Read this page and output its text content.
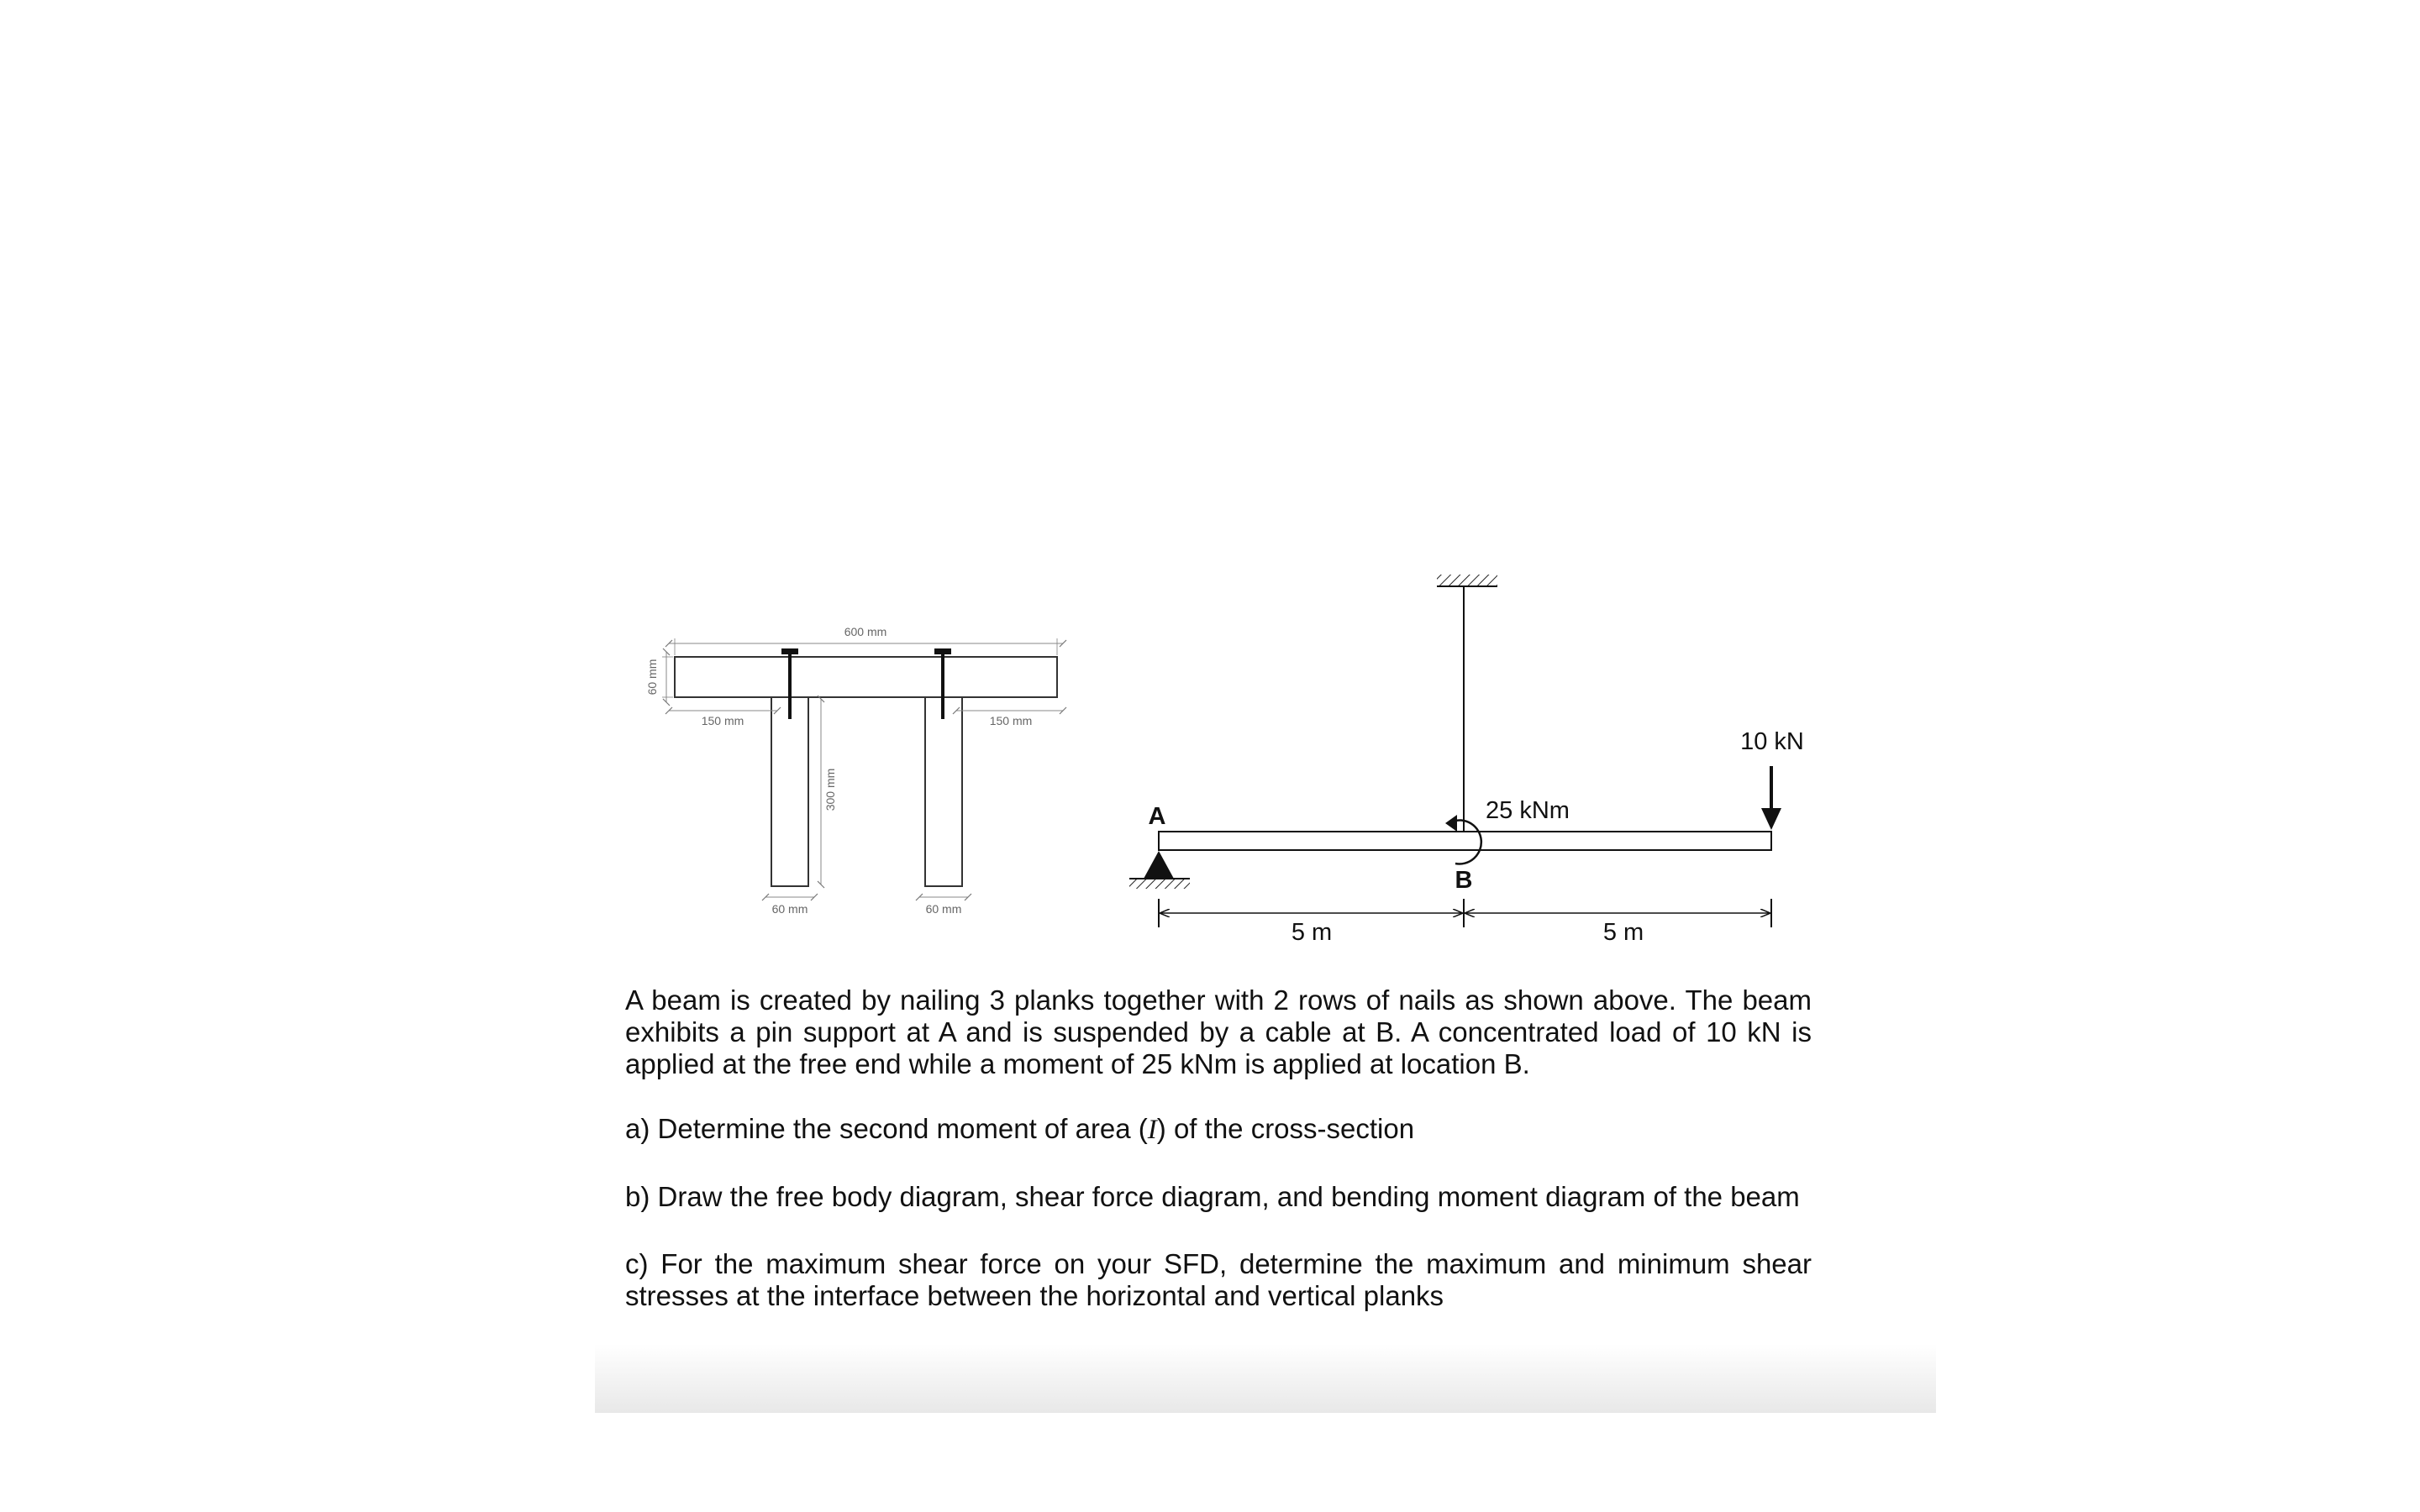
600 mm
60 mm
150 mm	150 mm
300 mm
60 mm	60 mm
A
B
25 kNm
10 kN
5 m	5 m

A beam is created by nailing 3 planks together with 2 rows of nails as shown above. The beam exhibits a pin support at A and is suspended by a cable at B. A concentrated load of 10 kN is applied at the free end while a moment of 25 kNm is applied at location B.

a) Determine the second moment of area (I) of the cross-section

b) Draw the free body diagram, shear force diagram, and bending moment diagram of the beam

c) For the maximum shear force on your SFD, determine the maximum and minimum shear stresses at the interface between the horizontal and vertical planks
